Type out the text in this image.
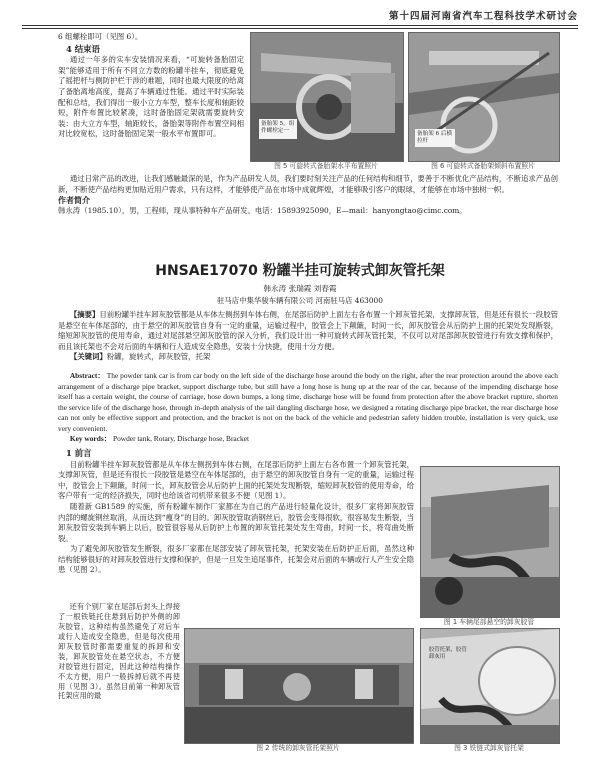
第十四届河南省汽车工程科技学术研讨会

6 组螺栓即可（见图 6）。

4 结束语

通过一年多的实车安装情况来看，“可旋转备胎固定架”能够适用于所有不同立方数的粉罐半挂车，彻底避免了摇把杆与侧防护栏干涉的难题，同时也最大限度的给离了备胎离地高度，提高了车辆通过性能。通过平时实际装配和总结，我们得出一般小立方车型，整车长度和轴距较短，附件布置比较紧凑，这时备胎固定架就需要旋转安装：由大立方车型，轴距较长，备胎架等附件布置空间相对比较宽松，这时备胎固定架一般水平布置即可。

备胎架 5，组件螺栓定一
图 5 可旋转式备胎架水平布置照片
备胎架 6 后横拉杆
图 6 可旋转式备胎架倾斜布置照片

通过日常产品的改进，让我们感触最深的是，作为产品研发人员，我们要时刻关注产品的任何结构和细节，要善于不断优化产品结构，不断追求产品创新，不断使产品结构更加贴近用户需求，只有这样，才能够使产品在市场中成就辉煌，才能够吸引客户的眼球，才能够在市场中独树一帜。

作者简介

韩永涛（1985.10），男，工程师，现从事特种车产品研发。电话：15893925090，E—mail：hanyongtao@cimc.com。

HNSAE17070 粉罐半挂可旋转式卸灰管托架
韩永涛 张瑞霞 刘春霞
驻马店中集华骏车辆有限公司 河南驻马店 463000

【摘要】目前粉罐半挂车卸灰胶管都是从车体左侧拐到车体右侧，在尾部后防护上面左右各布置一个卸灰管托架，支撑卸灰管，但是还有很长一段胶管是悬空在车体尾部的，由于悬空的卸灰胶管自身有一定的重量，运输过程中，胶管会上下颠簸，时间一长，卸灰胶管会从后防护上面的托架处发现断裂，缩短卸灰胶管的使用寿命，通过对尾部悬空卸灰胶管的深入分析，我们设计出一种可旋转式卸灰管托架，不仅可以对尾部卸灰胶管进行有效支撑和保护，而且该托架也不会对后面的车辆和行人造成安全隐患，安装十分快捷，使用十分方便。

【关键词】粉罐，旋转式，卸灰胶管，托架

Abstract： The powder tank car is from car body on the left side of the discharge hose around the body on the right, after the rear protection around the above each arrangement of a discharge pipe bracket, support discharge tube, but still have a long hose is hung up at the rear of the car, because of the impending discharge hose itself has a certain weight, the course of carriage, hose down bumps, a long time, discharge hose will be found from protection after the above bracket rupture, shorten the service life of the discharge hose, through in-depth analysis of the tail dangling discharge hose, we designed a rotating discharge pipe bracket, the rear discharge hose can not only be effective support and protection, and the bracket is not on the back of the vehicle and pedestrian safety hidden trouble, installation is very quick, use very convenient.

Key words： Powder tank, Rotary, Discharge hose, Bracket

1 前言

目前粉罐半挂车卸灰胶管都是从车体左侧拐到车体右侧，在尾部后防护上面左右各布置一个卸灰管托架，支撑卸灰管，但是还有很长一段胶管是悬空在车体尾部的，由于悬空的卸灰胶管自身有一定的重量，运输过程中，胶管会上下颠簸，时间一长，卸灰胶管会从后防护上面的托架处发现断裂，缩短卸灰胶管的使用寿命，给客户带有一定的经济损失，同时也给该省司机带来很多不便（见图 1）。

随着新 GB1589 的实施，所有粉罐车制作厂家都在为自己的产品进行轻量化设计，很多厂家将卸灰胶管内部的螺旋钢丝取消，从而达到“瘦身”的目的。卸灰胶管取消钢丝后，胶管会变得很软，很容易发生断裂，当卸灰胶管安装到车辆上以后，胶管很容易从后防护上布置的卸灰管托架处发生弯曲，时间一长，将弯曲处断裂。

为了避免卸灰胶管发生断裂，很多厂家都在尾部安装了卸灰管托架，托架安装在后防护正后面，虽然这种结构能够很好的对卸灰胶管进行支撑和保护，但是一旦发生追尾事件，托架会对后面的车辆或行人产生安全隐患（见图 2）。

还有个别厂家在尾部后封头上焊接了一根铁链托住悬到后防护外侧的卸灰胶管，这种结构虽然避免了对后车或行人造成安全隐患，但是每次使用卸灰胶管时都需要重复的拆卸和安装，卸灰胶管处在悬空状态，不方便对胶管进行固定，因此这种结构操作不太方便，用户一般拆掉后就不再使用（见图 3）。虽然目前第一种卸灰管托架应用的最

图 1 车辆尾部悬空的卸灰胶管
图 2 传统的卸灰管托架照片
胶管托架，胶管卸灰用
图 3 铁链式卸灰管托架
